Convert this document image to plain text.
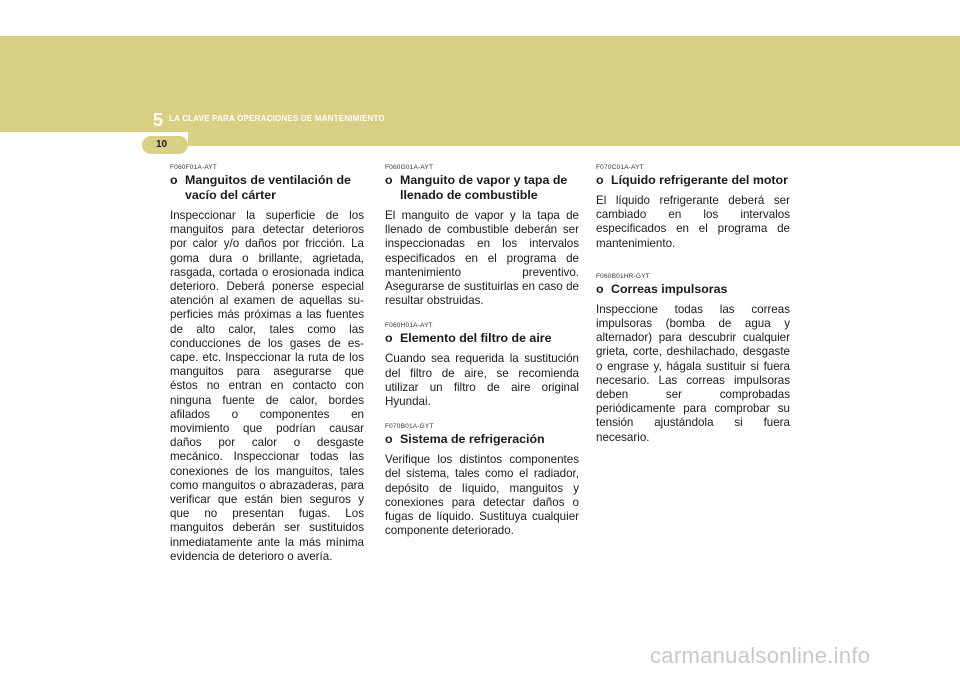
5 LA CLAVE PARA OPERACIONES DE MANTENIMIENTO
10
F060F01A-AYT
o Manguitos de ventilación de vacío del cárter

Inspeccionar la superficie de los manguitos para detectar deterioros por calor y/o daños por fricción. La goma dura o brillante, agrietada, rasgada, cortada o erosionada indica deterioro. Deberá ponerse especial atención al examen de aquellas su- perficies más próximas a las fuentes de alto calor, tales como las conducciones de los gases de es- cape. etc. Inspeccionar la ruta de los manguitos para asegurarse que éstos no entran en contacto con ninguna fuente de calor, bordes afilados o componentes en movimiento que podrían causar daños por calor o desgaste mecánico. Inspeccionar todas las conexiones de los manguitos, tales como manguitos o abrazaderas, para verificar que están bien seguros y que no presentan fugas. Los manguitos deberán ser sustituidos inmediatamente ante la más mínima evidencia de deterioro o avería.

F060G01A-AYT
o Manguito de vapor y tapa de llenado de combustible

El manguito de vapor y la tapa de llenado de combustible deberán ser inspeccionadas en los intervalos especificados en el programa de mantenimiento preventivo. Asegurarse de sustituirlas en caso de resultar obstruidas.

F060H01A-AYT
o Elemento del filtro de aire

Cuando sea requerida la sustitución del filtro de aire, se recomienda utilizar un filtro de aire original Hyundai.

F070B01A-GYT
o Sistema de refrigeración

Verifique los distintos componentes del sistema, tales como el radiador, depósito de líquido, manguitos y conexiones para detectar daños o fugas de líquido. Sustituya cualquier componente deteriorado.

F070C01A-AYT
o Líquido refrigerante del motor

El líquido refrigerante deberá ser cambiado en los intervalos especificados en el programa de mantenimiento.

F060B01HR-GYT
o Correas impulsoras

Inspeccione todas las correas impulsoras (bomba de agua y alternador) para descubrir cualquier grieta, corte, deshilachado, desgaste o engrase y, hágala sustituir si fuera necesario. Las correas impulsoras deben ser comprobadas periódicamente para comprobar su tensión ajustándola si fuera necesario.

carmanualsonline.info
